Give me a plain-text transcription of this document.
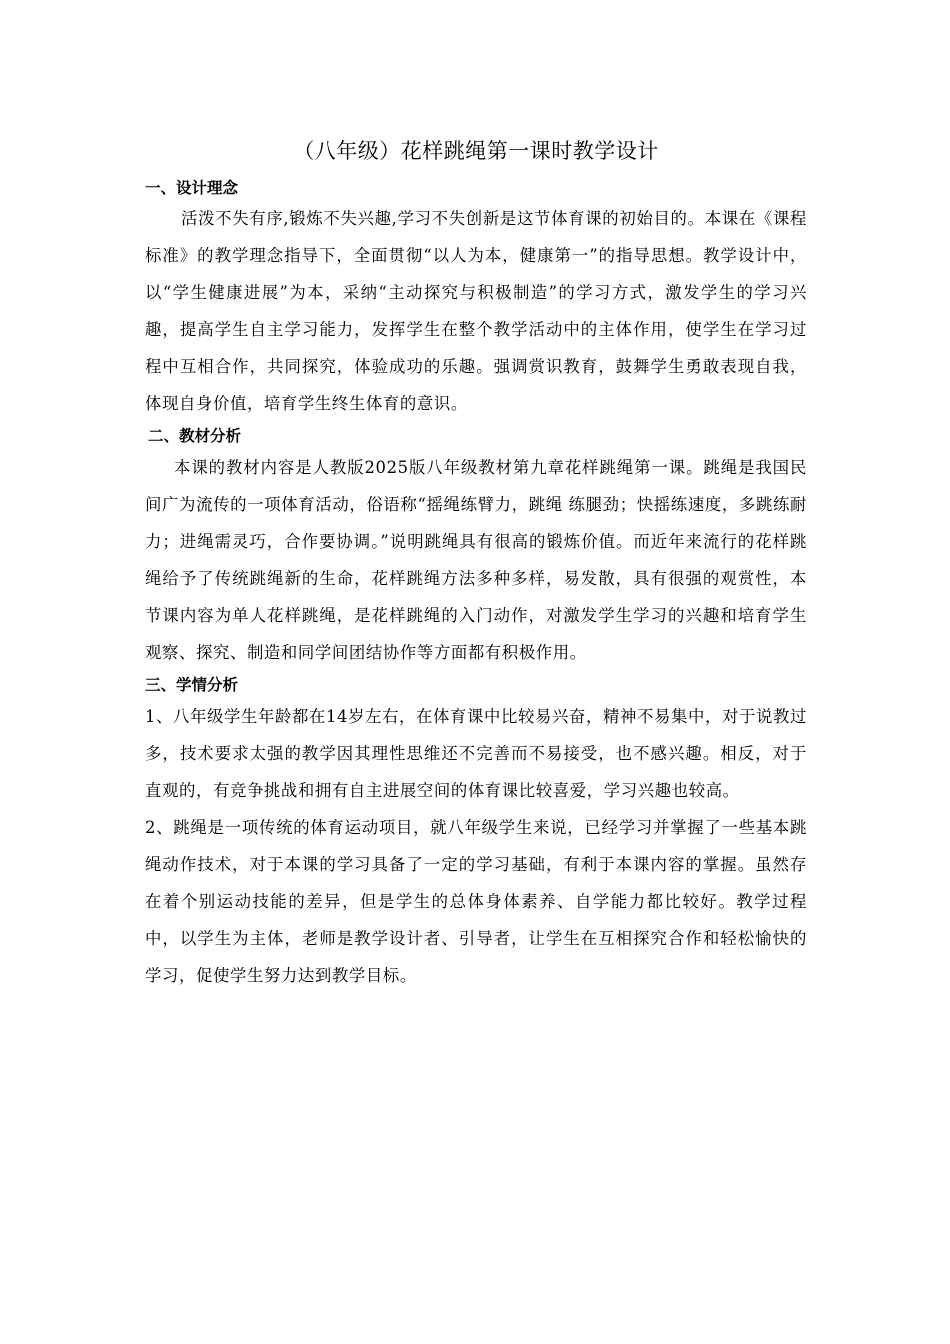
（八年级）花样跳绳第一课时教学设计
一、设计理念

活泼不失有序,锻炼不失兴趣,学习不失创新是这节体育课的初始目的。本课在《课程标准》的教学理念指导下，全面贯彻“以人为本，健康第一”的指导思想。教学设计中，以“学生健康进展”为本，采纳“主动探究与积极制造”的学习方式，激发学生的学习兴趣，提高学生自主学习能力，发挥学生在整个教学活动中的主体作用，使学生在学习过程中互相合作，共同探究，体验成功的乐趣。强调赏识教育，鼓舞学生勇敢表现自我，体现自身价值，培育学生终生体育的意识。

二、教材分析

本课的教材内容是人教版2025版八年级教材第九章花样跳绳第一课。跳绳是我国民间广为流传的一项体育活动，俗语称“摇绳练臂力，跳绳 练腿劲；快摇练速度，多跳练耐力；进绳需灵巧，合作要协调。”说明跳绳具有很高的锻炼价值。而近年来流行的花样跳绳给予了传统跳绳新的生命，花样跳绳方法多种多样，易发散，具有很强的观赏性，本节课内容为单人花样跳绳，是花样跳绳的入门动作，对激发学生学习的兴趣和培育学生观察、探究、制造和同学间团结协作等方面都有积极作用。

三、学情分析

1、八年级学生年龄都在14岁左右，在体育课中比较易兴奋，精神不易集中，对于说教过多，技术要求太强的教学因其理性思维还不完善而不易接受，也不感兴趣。相反，对于直观的，有竞争挑战和拥有自主进展空间的体育课比较喜爱，学习兴趣也较高。

2、跳绳是一项传统的体育运动项目，就八年级学生来说，已经学习并掌握了一些基本跳绳动作技术，对于本课的学习具备了一定的学习基础，有利于本课内容的掌握。虽然存在着个别运动技能的差异，但是学生的总体身体素养、自学能力都比较好。教学过程中，以学生为主体，老师是教学设计者、引导者，让学生在互相探究合作和轻松愉快的学习，促使学生努力达到教学目标。
